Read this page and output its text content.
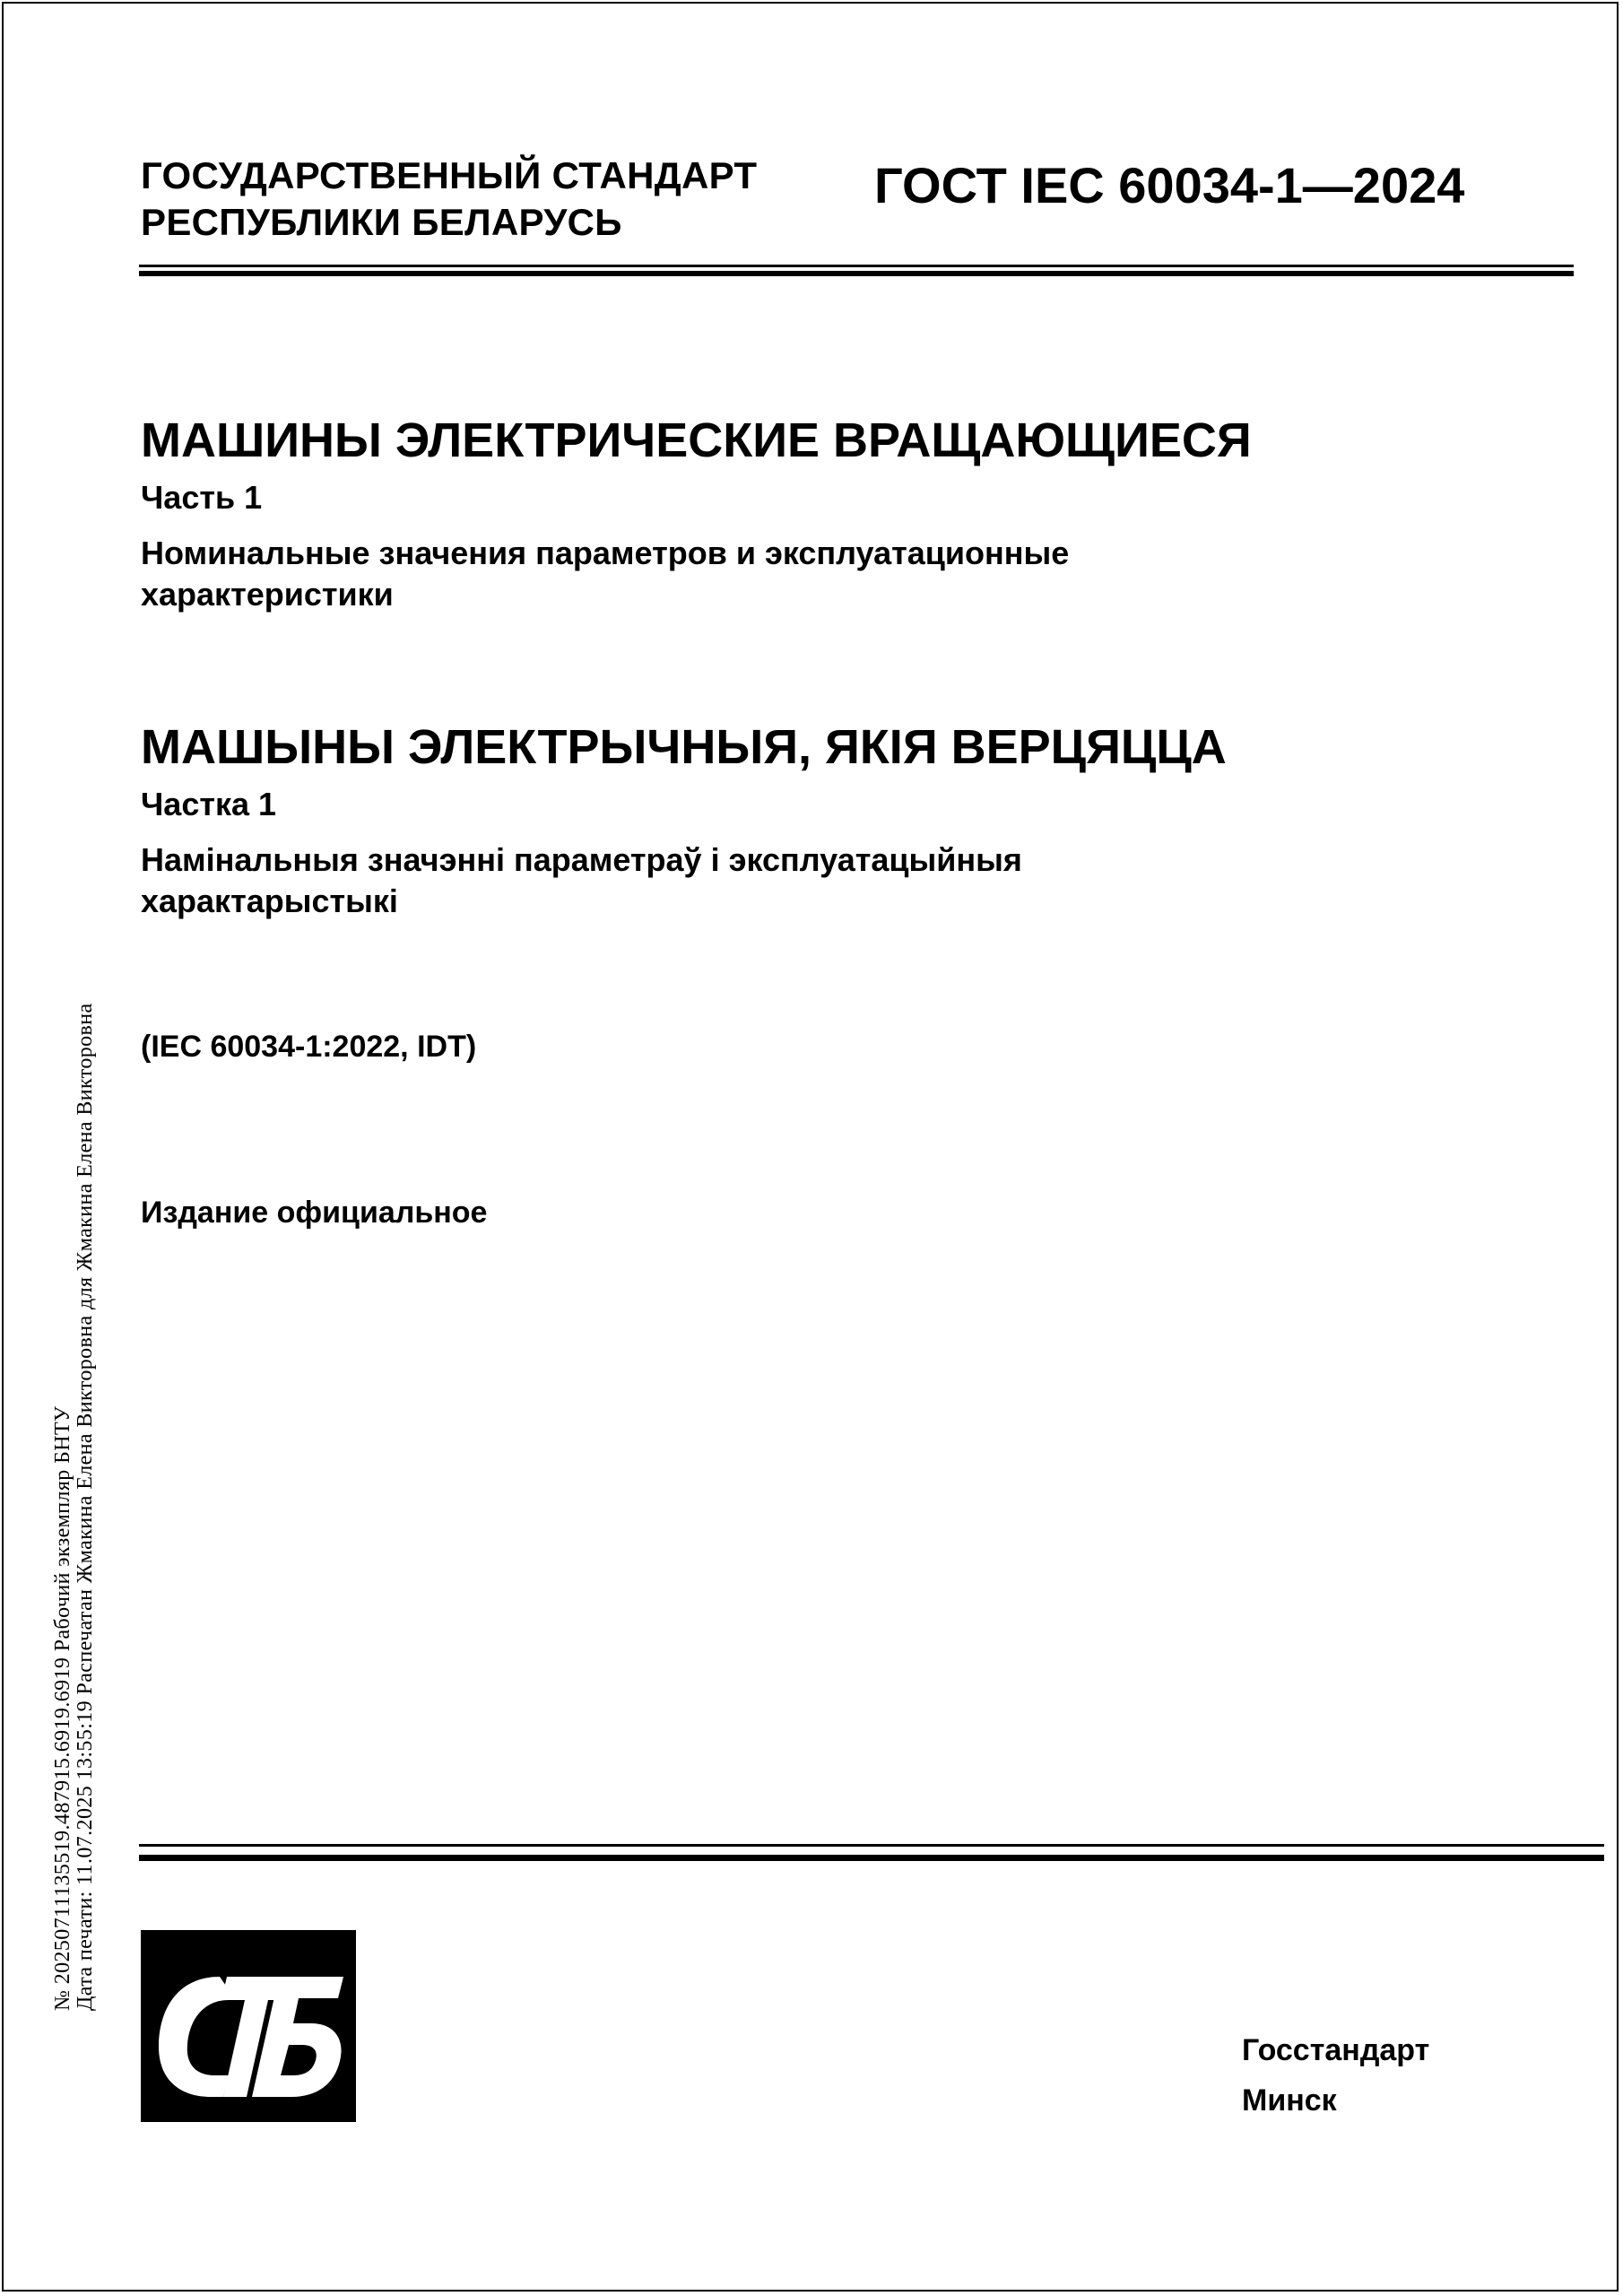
ГОСУДАРСТВЕННЫЙ СТАНДАРТ
РЕСПУБЛИКИ БЕЛАРУСЬ
ГОСТ IEC 60034-1—2024
МАШИНЫ ЭЛЕКТРИЧЕСКИЕ ВРАЩАЮЩИЕСЯ
Часть 1
Номинальные значения параметров и эксплуатационные
характеристики
МАШЫНЫ ЭЛЕКТРЫЧНЫЯ, ЯКІЯ ВЕРЦЯЦЦА
Частка 1
Намінальныя значэнні параметраў і эксплуатацыйныя
характарыстыкі
(IEC 60034-1:2022, IDT)
Издание официальное
№ 20250711135519.487915.6919.6919 Рабочий экземпляр БНТУ Дата печати: 11.07.2025 13:55:19 Распечатан Жмакина Елена Викторовна для Жмакина Елена Викторовна
Госстандарт
Минск
